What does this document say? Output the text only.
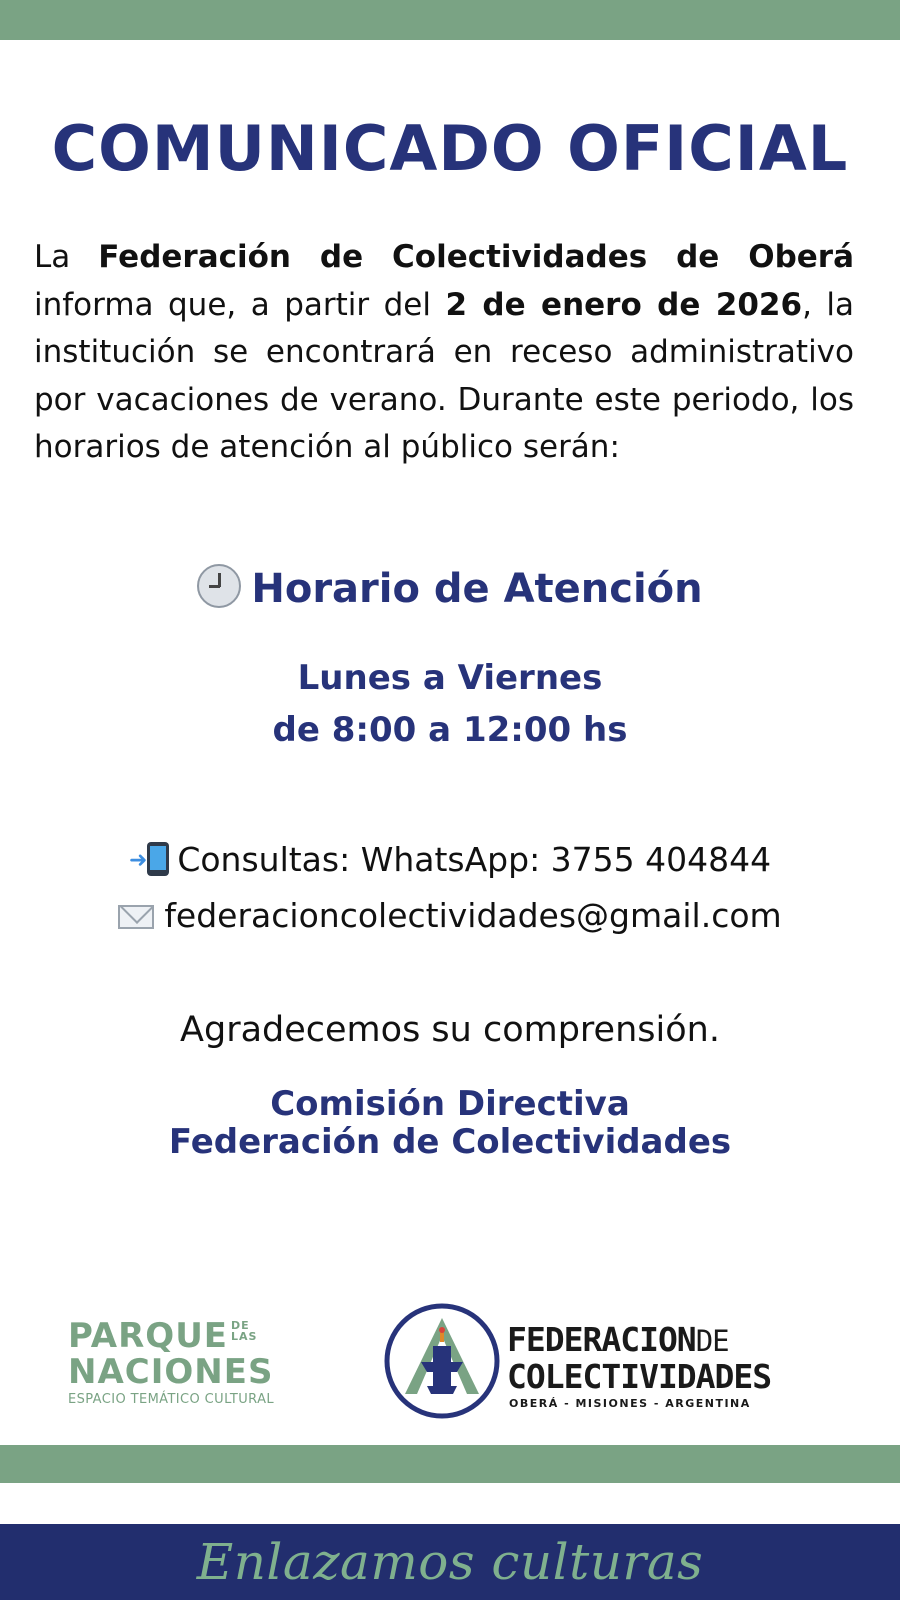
COMUNICADO OFICIAL
La Federación de Colectividades de Oberá informa que, a partir del 2 de enero de 2026, la institución se encontrará en receso administrativo por vacaciones de verano. Durante este periodo, los horarios de atención al público serán:
Horario de Atención
Lunes a Viernes
de 8:00 a 12:00 hs
➜ Consultas: WhatsApp: 3755 404844
federacioncolectividades@gmail.com
Agradecemos su comprensión.
Comisión Directiva
Federación de Colectividades
PARQUE DE
LAS
NACIONES
ESPACIO TEMÁTICO CULTURAL
FEDERACIONDE
COLECTIVIDADES
OBERÁ - MISIONES - ARGENTINA
Enlazamos culturas
